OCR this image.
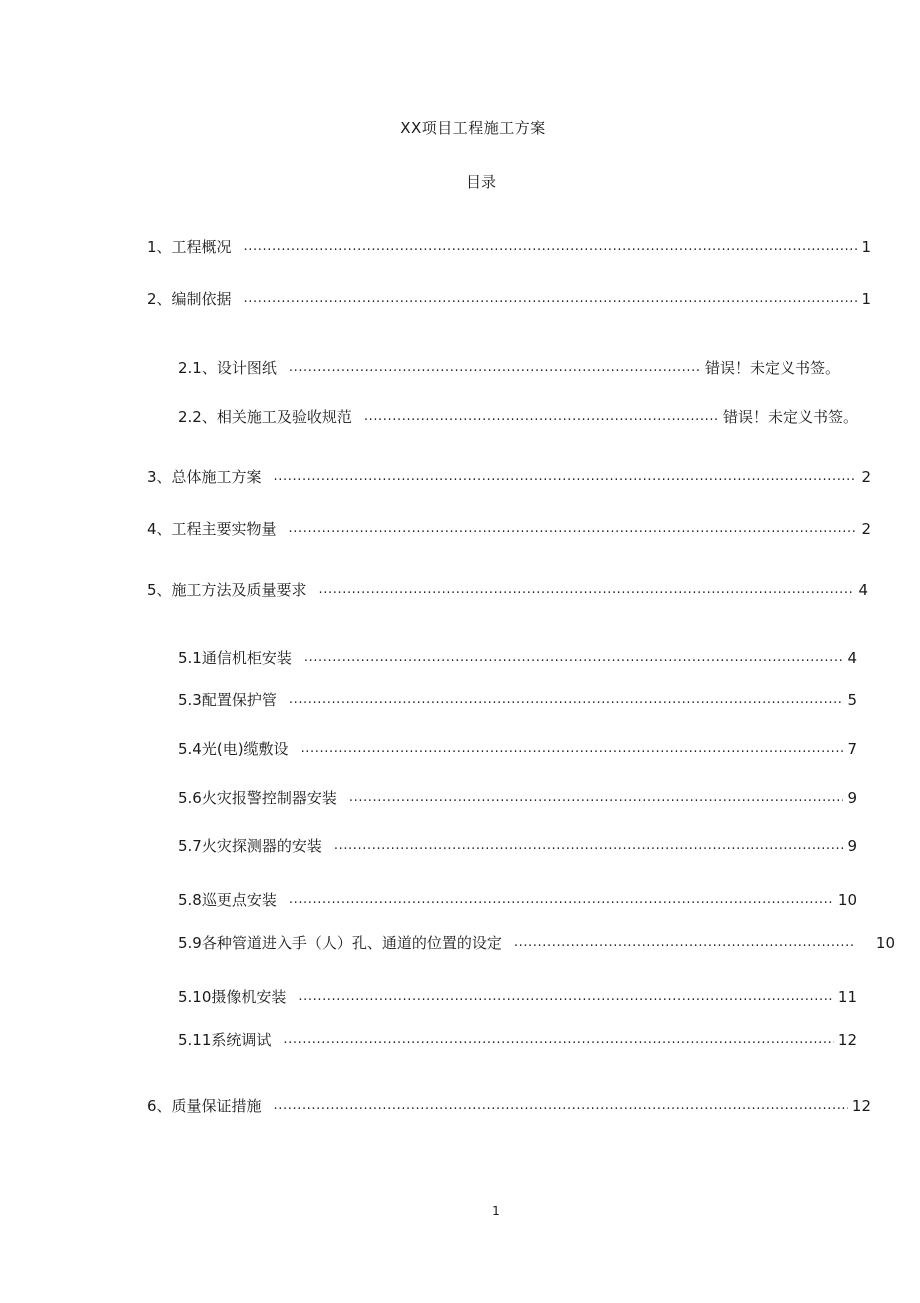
XX项目工程施工方案
目录
1、工程概况 .....	1
2、编制依据 .....	1
2.1、设计图纸 .....	错误！未定义书签。
2.2、相关施工及验收规范 .....	错误！未定义书签。
3、总体施工方案 .....	2
4、工程主要实物量 .....	2
5、施工方法及质量要求 .....	4
5.1通信机柜安装 .....	4
5.3配置保护管 .....	5
5.4光(电)缆敷设 .....	7
5.6火灾报警控制器安装 .....	9
5.7火灾探测器的安装 .....	9
5.8巡更点安装 .....	10
5.9各种管道进入手（人）孔、通道的位置的设定 .....	10
5.10摄像机安装 .....	11
5.11系统调试 .....	12
6、质量保证措施 .....	12
1
